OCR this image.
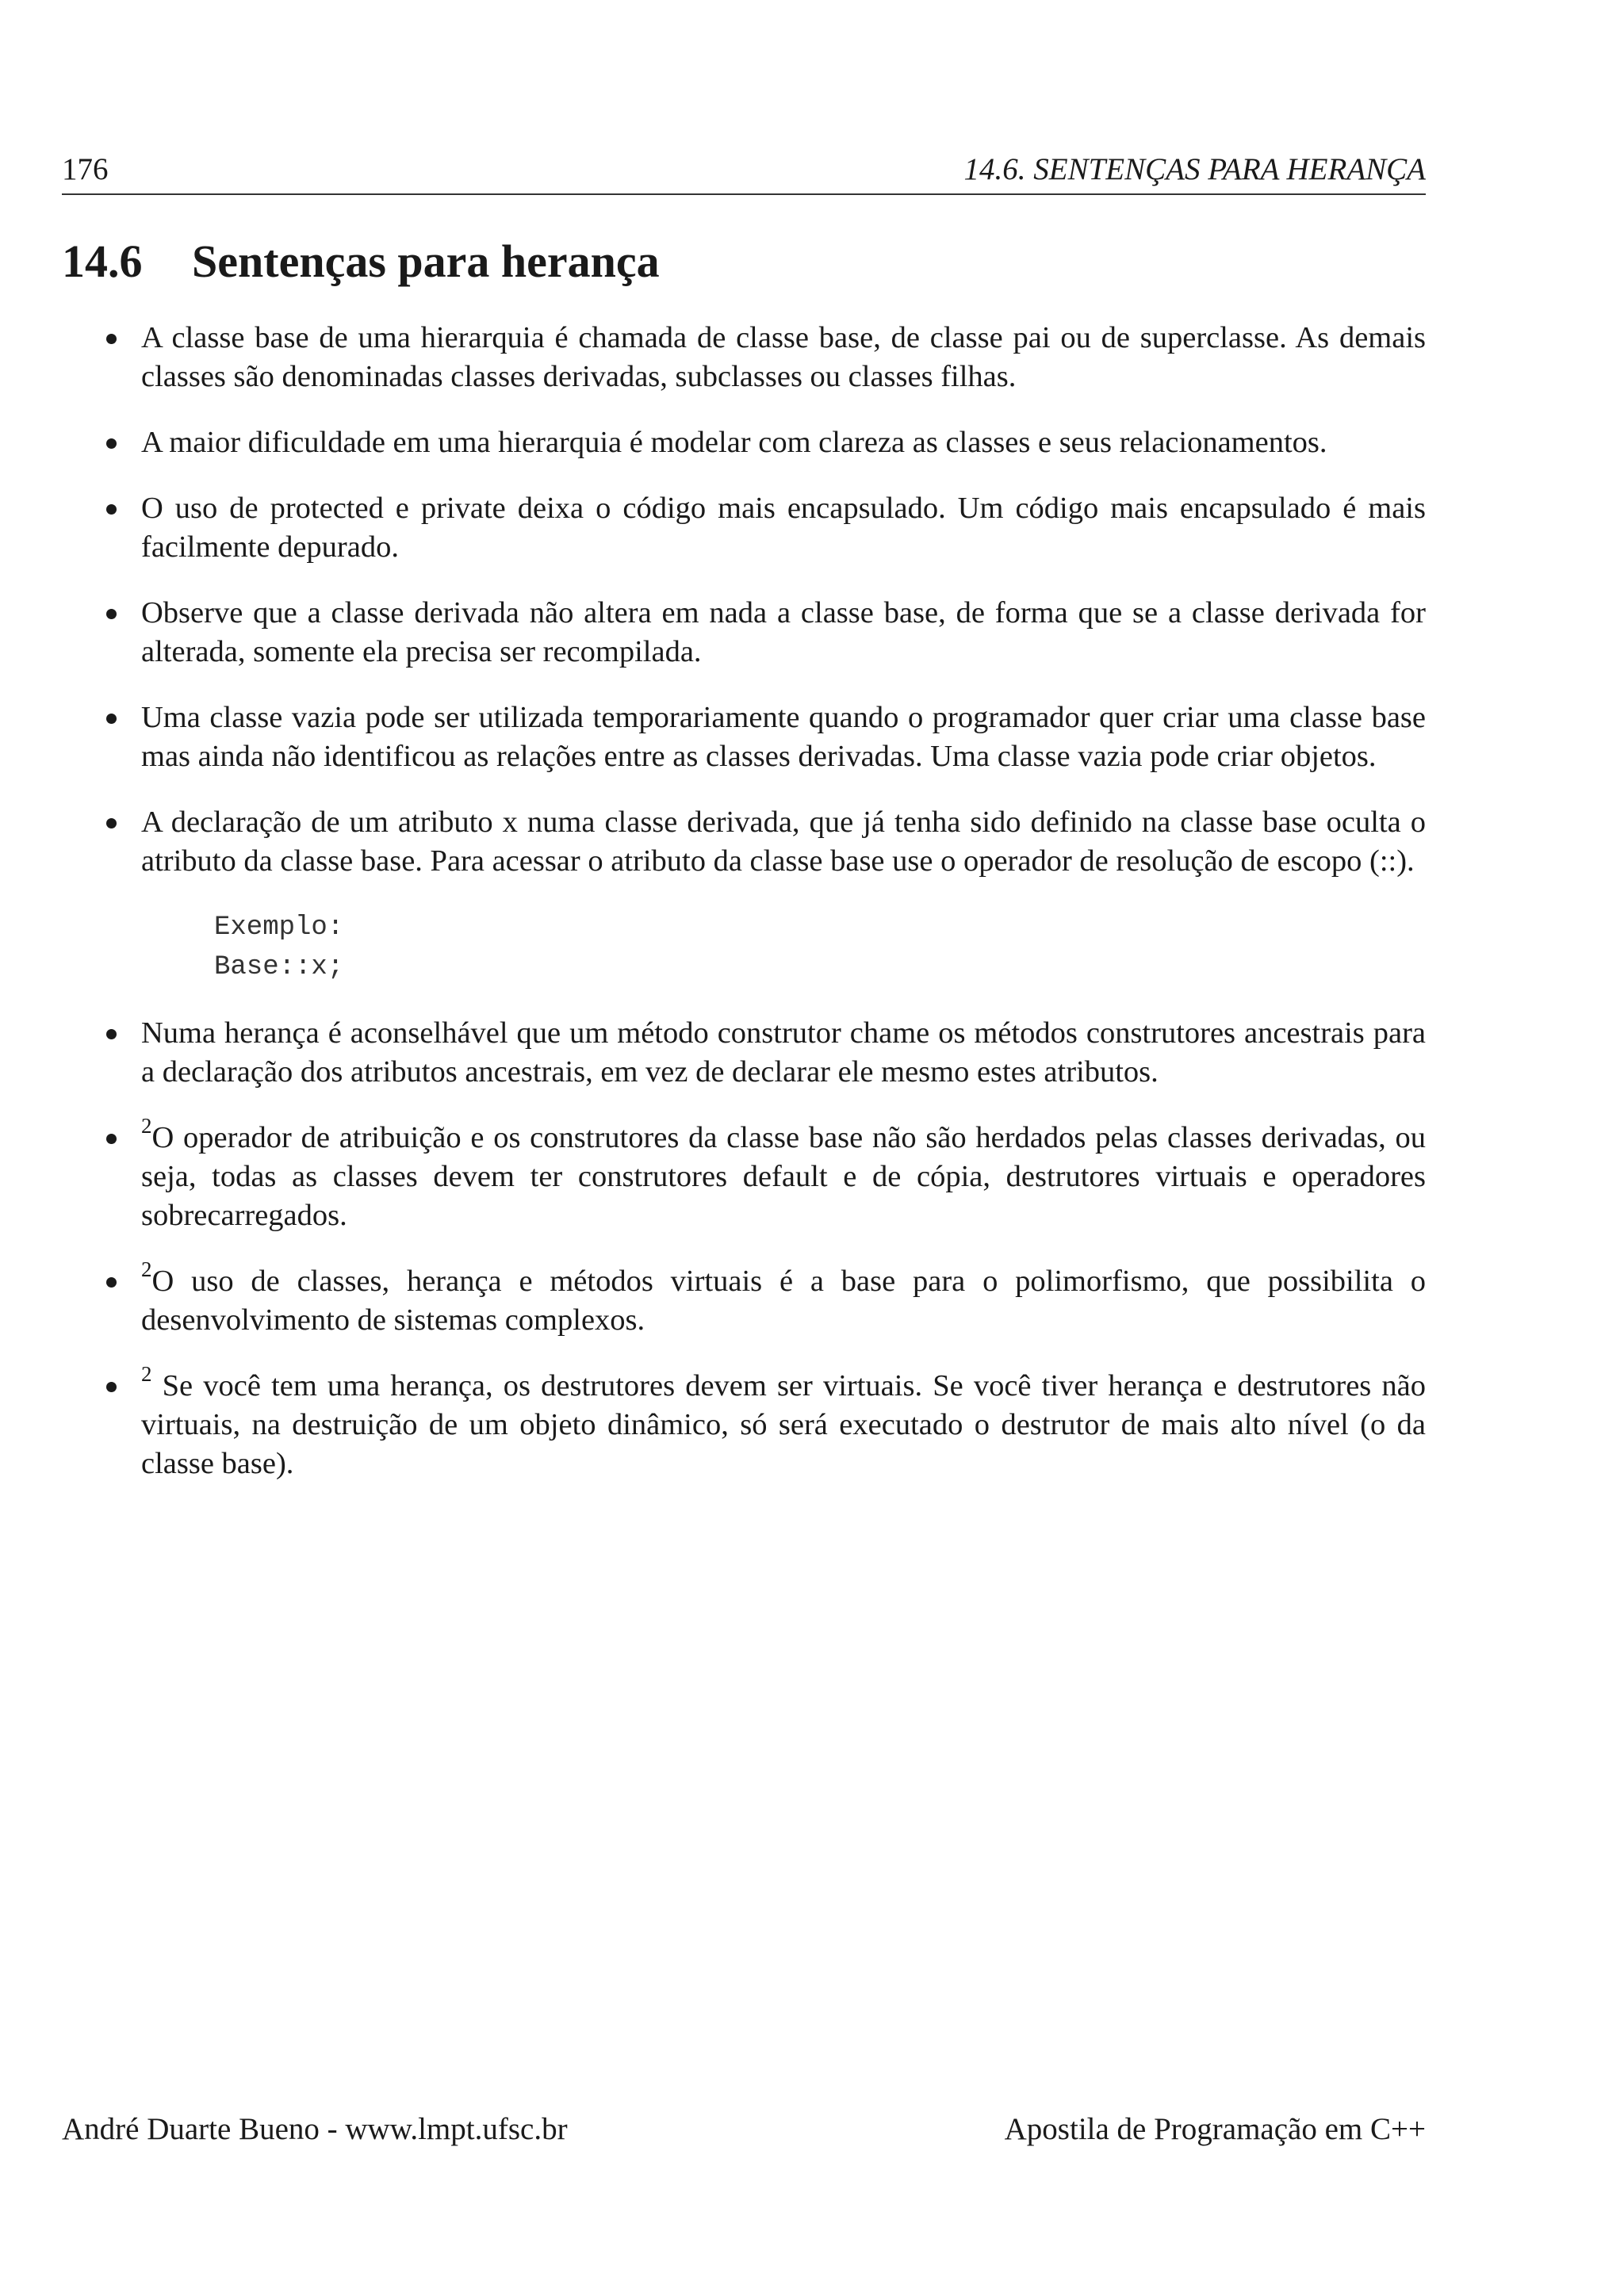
176	14.6. SENTENÇAS PARA HERANÇA
14.6	Sentenças para herança
A classe base de uma hierarquia é chamada de classe base, de classe pai ou de superclasse. As demais classes são denominadas classes derivadas, subclasses ou classes filhas.
A maior dificuldade em uma hierarquia é modelar com clareza as classes e seus relacionamentos.
O uso de protected e private deixa o código mais encapsulado. Um código mais encapsulado é mais facilmente depurado.
Observe que a classe derivada não altera em nada a classe base, de forma que se a classe derivada for alterada, somente ela precisa ser recompilada.
Uma classe vazia pode ser utilizada temporariamente quando o programador quer criar uma classe base mas ainda não identificou as relações entre as classes derivadas. Uma classe vazia pode criar objetos.
A declaração de um atributo x numa classe derivada, que já tenha sido definido na classe base oculta o atributo da classe base. Para acessar o atributo da classe base use o operador de resolução de escopo (::).
Exemplo:
Base::x;
Numa herança é aconselhável que um método construtor chame os métodos construtores ancestrais para a declaração dos atributos ancestrais, em vez de declarar ele mesmo estes atributos.
$^2$O operador de atribuição e os construtores da classe base não são herdados pelas classes derivadas, ou seja, todas as classes devem ter construtores default e de cópia, destrutores virtuais e operadores sobrecarregados.
$^2$O uso de classes, herança e métodos virtuais é a base para o polimorfismo, que possibilita o desenvolvimento de sistemas complexos.
$^2$ Se você tem uma herança, os destrutores devem ser virtuais. Se você tiver herança e destrutores não virtuais, na destruição de um objeto dinâmico, só será executado o destrutor de mais alto nível (o da classe base).
André Duarte Bueno - www.lmpt.ufsc.br	Apostila de Programação em C++
